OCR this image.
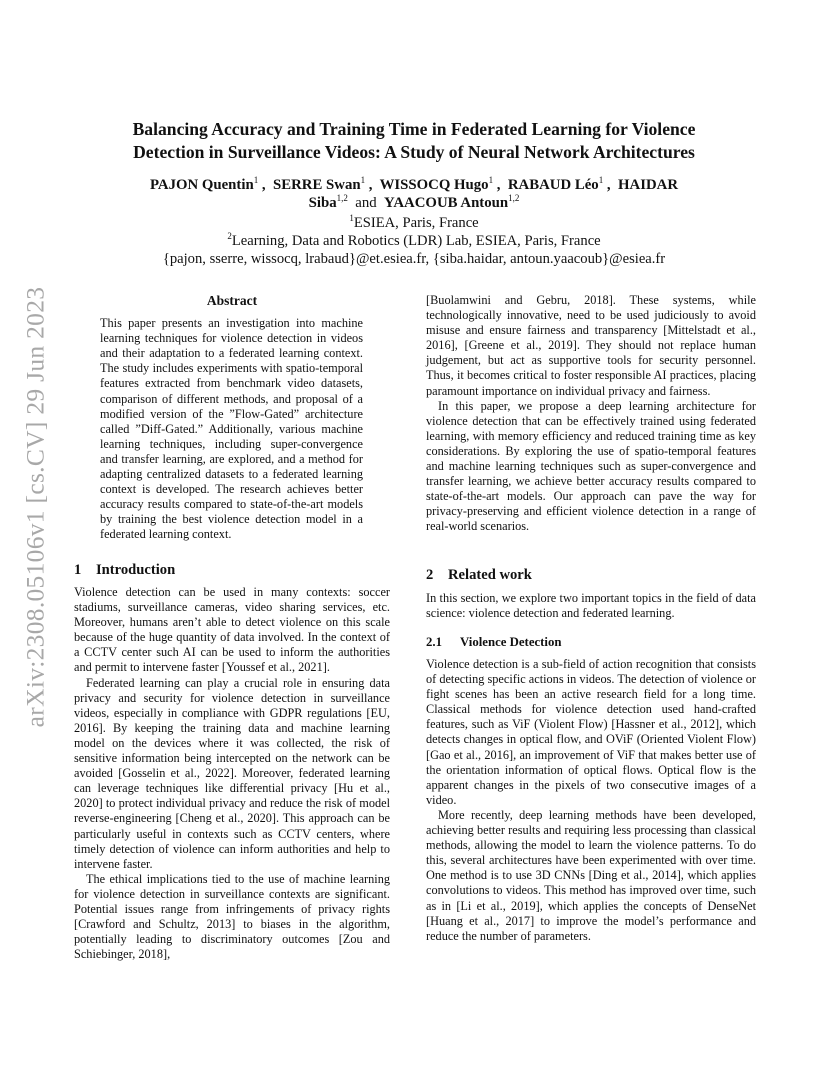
arXiv:2308.05106v1 [cs.CV] 29 Jun 2023
Balancing Accuracy and Training Time in Federated Learning for Violence
Detection in Surveillance Videos: A Study of Neural Network Architectures
PAJON Quentin$^1$ ,  SERRE Swan$^1$ ,  WISSOCQ Hugo$^1$ ,  RABAUD Léo$^1$ ,  HAIDAR
Siba$^{1,2}$ and YAACOUB Antoun$^{1,2}$
$^1$ESIEA, Paris, France
$^2$Learning, Data and Robotics (LDR) Lab, ESIEA, Paris, France
{pajon, sserre, wissocq, lrabaud}@et.esiea.fr, {siba.haidar, antoun.yaacoub}@esiea.fr
Abstract

This paper presents an investigation into machine learning techniques for violence detection in videos and their adaptation to a federated learning context. The study includes experiments with spatio-temporal features extracted from benchmark video datasets, comparison of different methods, and proposal of a modified version of the ”Flow-Gated” architecture called ”Diff-Gated.” Additionally, various machine learning techniques, including super-convergence and transfer learning, are explored, and a method for adapting centralized datasets to a federated learning context is developed. The research achieves better accuracy results compared to state-of-the-art models by training the best violence detection model in a federated learning context.

1 Introduction

Violence detection can be used in many contexts: soccer stadiums, surveillance cameras, video sharing services, etc. Moreover, humans aren’t able to detect violence on this scale because of the huge quantity of data involved. In the context of a CCTV center such AI can be used to inform the authorities and permit to intervene faster [Youssef et al., 2021].

Federated learning can play a crucial role in ensuring data privacy and security for violence detection in surveillance videos, especially in compliance with GDPR regulations [EU, 2016]. By keeping the training data and machine learning model on the devices where it was collected, the risk of sensitive information being intercepted on the network can be avoided [Gosselin et al., 2022]. Moreover, federated learning can leverage techniques like differential privacy [Hu et al., 2020] to protect individual privacy and reduce the risk of model reverse-engineering [Cheng et al., 2020]. This approach can be particularly useful in contexts such as CCTV centers, where timely detection of violence can inform authorities and help to intervene faster.

The ethical implications tied to the use of machine learning for violence detection in surveillance contexts are significant. Potential issues range from infringements of privacy rights [Crawford and Schultz, 2013] to biases in the algorithm, potentially leading to discriminatory outcomes [Zou and Schiebinger, 2018],

[Buolamwini and Gebru, 2018]. These systems, while technologically innovative, need to be used judiciously to avoid misuse and ensure fairness and transparency [Mittelstadt et al., 2016], [Greene et al., 2019]. They should not replace human judgement, but act as supportive tools for security personnel. Thus, it becomes critical to foster responsible AI practices, placing paramount importance on individual privacy and fairness.

In this paper, we propose a deep learning architecture for violence detection that can be effectively trained using federated learning, with memory efficiency and reduced training time as key considerations. By exploring the use of spatio-temporal features and machine learning techniques such as super-convergence and transfer learning, we achieve better accuracy results compared to state-of-the-art models. Our approach can pave the way for privacy-preserving and efficient violence detection in a range of real-world scenarios.

2 Related work

In this section, we explore two important topics in the field of data science: violence detection and federated learning.

2.1 Violence Detection

Violence detection is a sub-field of action recognition that consists of detecting specific actions in videos. The detection of violence or fight scenes has been an active research field for a long time. Classical methods for violence detection used hand-crafted features, such as ViF (Violent Flow) [Hassner et al., 2012], which detects changes in optical flow, and OViF (Oriented Violent Flow) [Gao et al., 2016], an improvement of ViF that makes better use of the orientation information of optical flows. Optical flow is the apparent changes in the pixels of two consecutive images of a video.

More recently, deep learning methods have been developed, achieving better results and requiring less processing than classical methods, allowing the model to learn the violence patterns. To do this, several architectures have been experimented with over time. One method is to use 3D CNNs [Ding et al., 2014], which applies convolutions to videos. This method has improved over time, such as in [Li et al., 2019], which applies the concepts of DenseNet [Huang et al., 2017] to improve the model’s performance and reduce the number of parameters.
